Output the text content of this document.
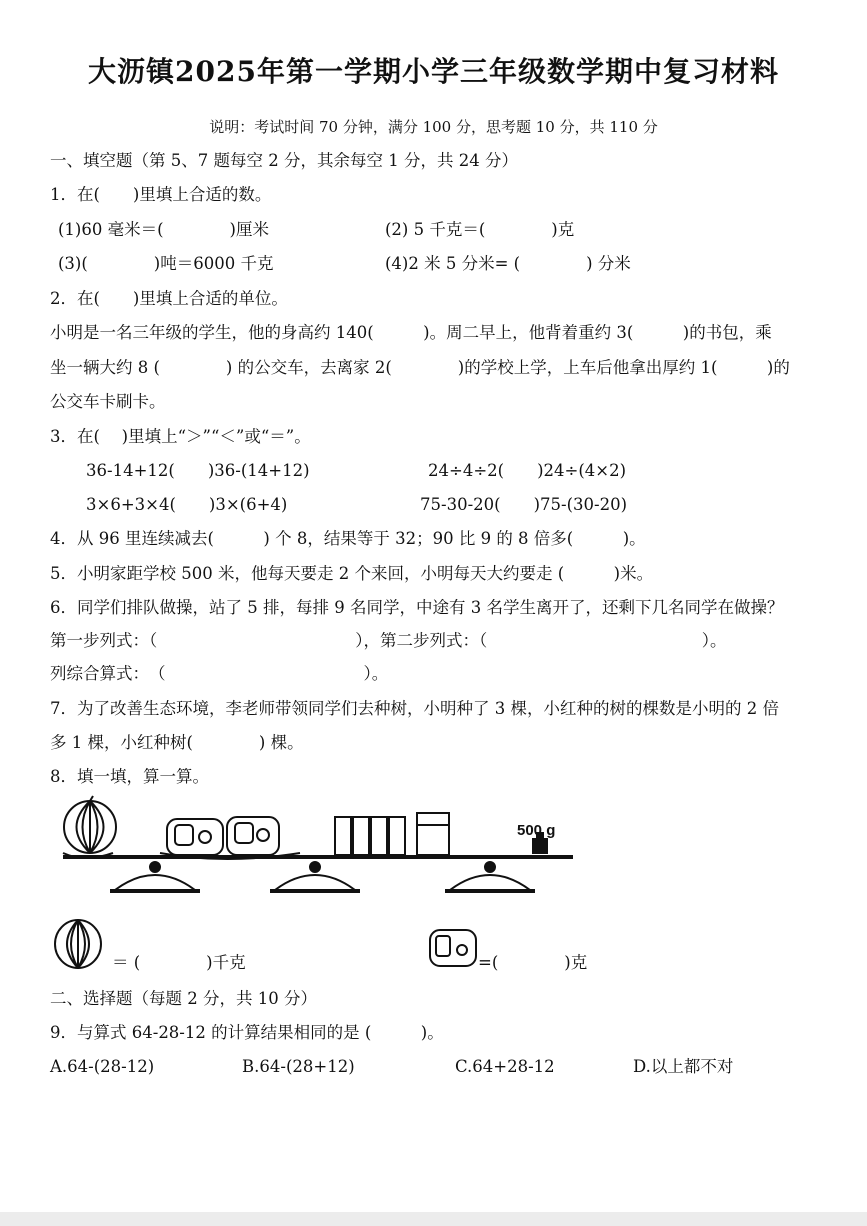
大沥镇2025年第一学期小学三年级数学期中复习材料
说明：考试时间 70 分钟，满分 100 分，思考题 10 分，共 110 分
一、填空题（第 5、7 题每空 2 分，其余每空 1 分，共 24 分）
1．在(　　)里填上合适的数。
(1)60 毫米＝(　　　　)厘米	(2) 5 千克＝(　　　　)克
(3)(　　　　)吨＝6000 千克	(4)2 米 5 分米= (　　　　) 分米
2．在(　　)里填上合适的单位。
小明是一名三年级的学生，他的身高约 140(　　　)。周二早上，他背着重约 3(　　　)的书包，乘
坐一辆大约 8 (　　　　) 的公交车，去离家 2(　　　　)的学校上学，上车后他拿出厚约 1(　　　)的
公交车卡刷卡。
3．在(　 )里填上“＞”“＜”或“＝”。
36-14+12(　　)36-(14+12)	24÷4÷2(　　)24÷(4×2)
3×6+3×4(　　)3×(6+4)	75-30-20(　　)75-(30-20)
4．从 96 里连续减去(　　　) 个 8，结果等于 32；90 比 9 的 8 倍多(　　　)。
5．小明家距学校 500 米，他每天要走 2 个来回，小明每天大约要走 (　　　)米。
6．同学们排队做操，站了 5 排，每排 9 名同学，中途有 3 名学生离开了，还剩下几名同学在做操？
第一步列式：（　　　　　　　　　　　　），第二步列式：（　　　　　　　　　　　　　）。
列综合算式：　（　　　　　　　　　　　　）。
7．为了改善生态环境，李老师带领同学们去种树，小明种了 3 棵，小红种的树的棵数是小明的 2 倍
多 1 棵，小红种树(　　　　) 棵。
8．填一填，算一算。
500 g
＝ (　　　　)千克	=(　　　　)克
二、选择题（每题 2 分，共 10 分）
9．与算式 64-28-12 的计算结果相同的是 (　　　)。
A.64-(28-12)	B.64-(28+12)	C.64+28-12	D.以上都不对
